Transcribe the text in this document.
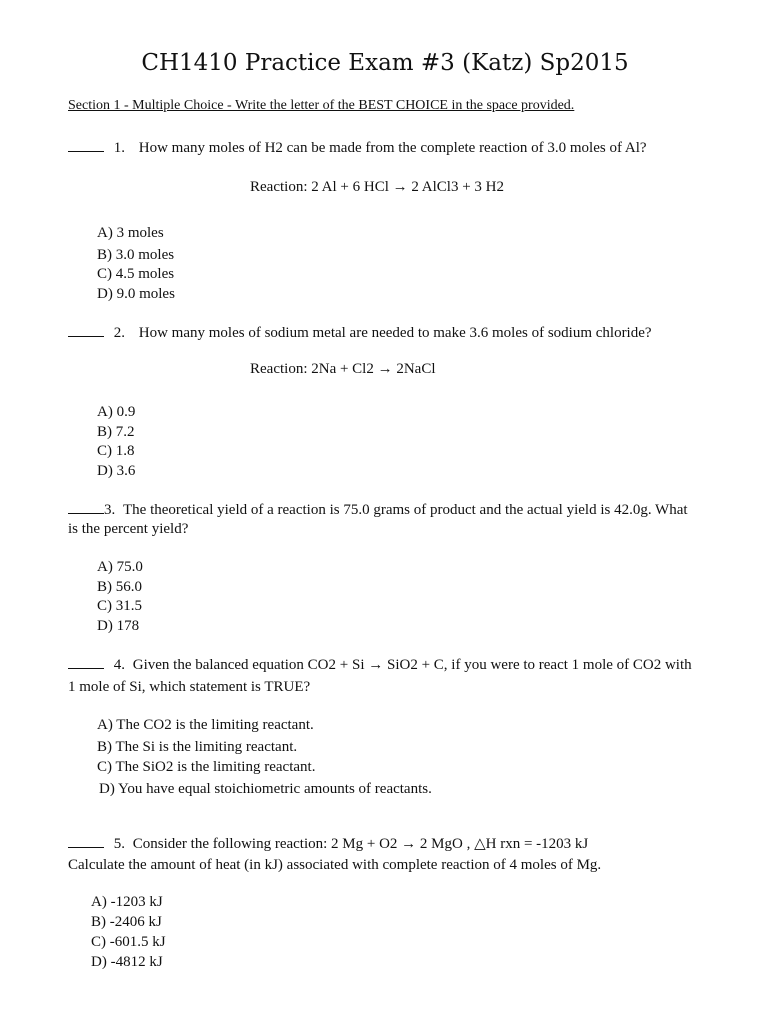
CH1410 Practice Exam #3 (Katz) Sp2015
Section 1 - Multiple Choice - Write the letter of the BEST CHOICE in the space provided.
1. How many moles of H2 can be made from the complete reaction of 3.0 moles of Al?
Reaction: 2 Al + 6 HCl → 2 AlCl3 + 3 H2
A) 3 moles
B) 3.0 moles
C) 4.5 moles
D) 9.0 moles
2. How many moles of sodium metal are needed to make 3.6 moles of sodium chloride?
Reaction: 2Na + Cl2 → 2NaCl
A) 0.9
B) 7.2
C) 1.8
D) 3.6
3. The theoretical yield of a reaction is 75.0 grams of product and the actual yield is 42.0g. What
is the percent yield?
A) 75.0
B) 56.0
C) 31.5
D) 178
4. Given the balanced equation CO2 + Si → SiO2 + C, if you were to react 1 mole of CO2 with
1 mole of Si, which statement is TRUE?
A) The CO2 is the limiting reactant.
B) The Si is the limiting reactant.
C) The SiO2 is the limiting reactant.
D) You have equal stoichiometric amounts of reactants.
5. Consider the following reaction: 2 Mg + O2 → 2 MgO , △H rxn = -1203 kJ
Calculate the amount of heat (in kJ) associated with complete reaction of 4 moles of Mg.
A) -1203 kJ
B) -2406 kJ
C) -601.5 kJ
D) -4812 kJ
